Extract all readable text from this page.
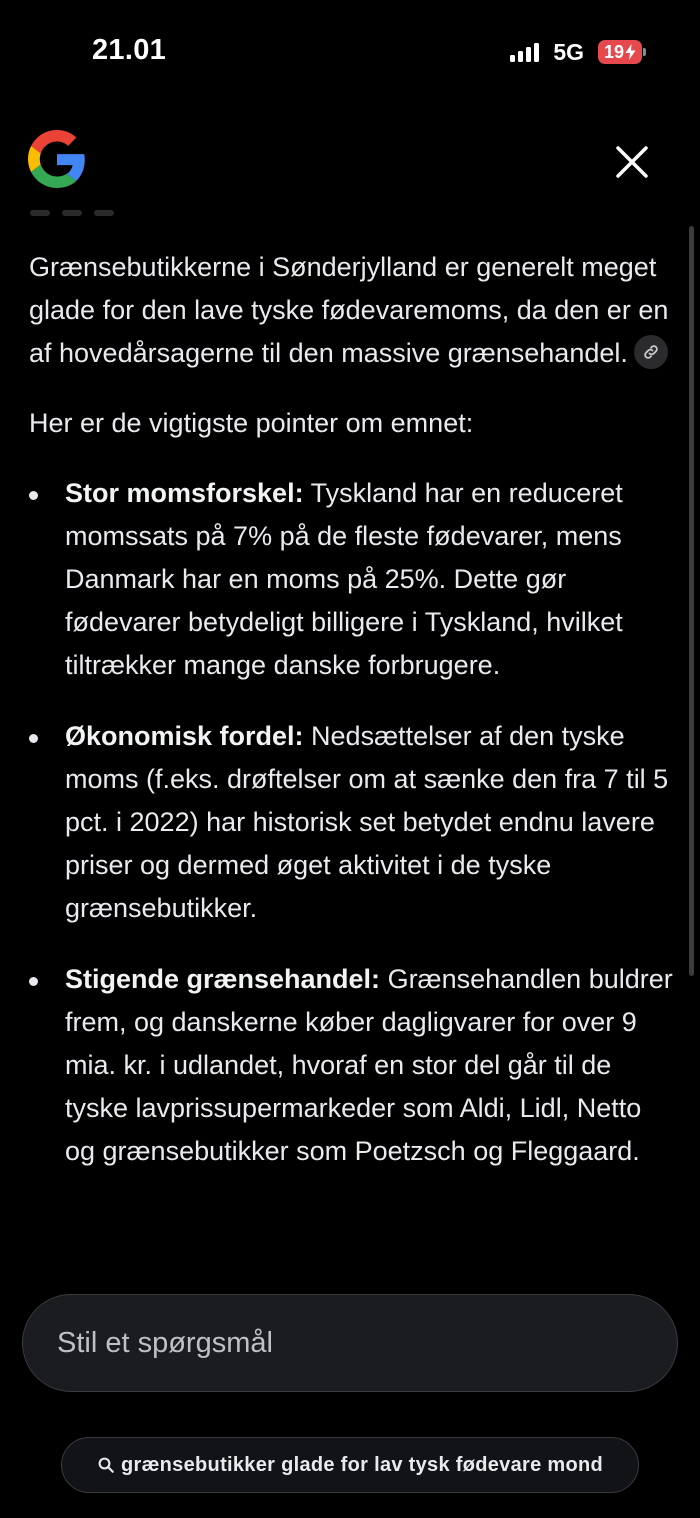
21.01	5G 19

Grænsebutikkerne i Sønderjylland er generelt meget glade for den lave tyske fødevaremoms, da den er en af hovedårsagerne til den massive grænsehandel.

Her er de vigtigste pointer om emnet:

Stor momsforskel: Tyskland har en reduceret momssats på 7% på de fleste fødevarer, mens Danmark har en moms på 25%. Dette gør fødevarer betydeligt billigere i Tyskland, hvilket tiltrækker mange danske forbrugere.
Økonomisk fordel: Nedsættelser af den tyske moms (f.eks. drøftelser om at sænke den fra 7 til 5 pct. i 2022) har historisk set betydet endnu lavere priser og dermed øget aktivitet i de tyske grænsebutikker.
Stigende grænsehandel: Grænsehandlen buldrer frem, og danskerne køber dagligvarer for over 9 mia. kr. i udlandet, hvoraf en stor del går til de tyske lavprissupermarkeder som Aldi, Lidl, Netto og grænsebutikker som Poetzsch og Fleggaard.
Stil et spørgsmål
grænsebutikker glade for lav tysk fødevare mond
